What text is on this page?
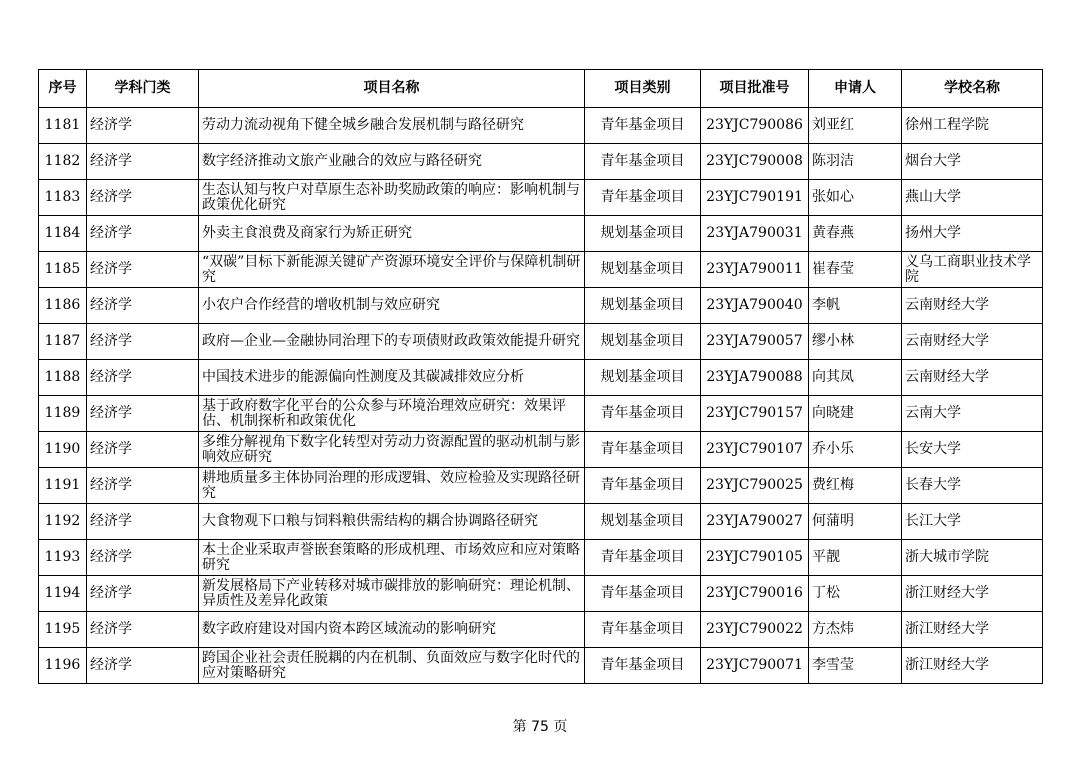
序号	学科门类	项目名称	项目类别	项目批准号	申请人	学校名称
1181	经济学	劳动力流动视角下健全城乡融合发展机制与路径研究	青年基金项目	23YJC790086	刘亚红	徐州工程学院
1182	经济学	数字经济推动文旅产业融合的效应与路径研究	青年基金项目	23YJC790008	陈羽洁	烟台大学
1183	经济学	生态认知与牧户对草原生态补助奖励政策的响应：影响机制与政策优化研究	青年基金项目	23YJC790191	张如心	燕山大学
1184	经济学	外卖主食浪费及商家行为矫正研究	规划基金项目	23YJA790031	黄春燕	扬州大学
1185	经济学	“双碳”目标下新能源关键矿产资源环境安全评价与保障机制研究	规划基金项目	23YJA790011	崔春莹	义乌工商职业技术学院
1186	经济学	小农户合作经营的增收机制与效应研究	规划基金项目	23YJA790040	李帆	云南财经大学
1187	经济学	政府—企业—金融协同治理下的专项债财政政策效能提升研究	规划基金项目	23YJA790057	缪小林	云南财经大学
1188	经济学	中国技术进步的能源偏向性测度及其碳减排效应分析	规划基金项目	23YJA790088	向其凤	云南财经大学
1189	经济学	基于政府数字化平台的公众参与环境治理效应研究：效果评估、机制探析和政策优化	青年基金项目	23YJC790157	向晓建	云南大学
1190	经济学	多维分解视角下数字化转型对劳动力资源配置的驱动机制与影响效应研究	青年基金项目	23YJC790107	乔小乐	长安大学
1191	经济学	耕地质量多主体协同治理的形成逻辑、效应检验及实现路径研究	青年基金项目	23YJC790025	费红梅	长春大学
1192	经济学	大食物观下口粮与饲料粮供需结构的耦合协调路径研究	规划基金项目	23YJA790027	何蒲明	长江大学
1193	经济学	本土企业采取声誉嵌套策略的形成机理、市场效应和应对策略研究	青年基金项目	23YJC790105	平靓	浙大城市学院
1194	经济学	新发展格局下产业转移对城市碳排放的影响研究：理论机制、异质性及差异化政策	青年基金项目	23YJC790016	丁松	浙江财经大学
1195	经济学	数字政府建设对国内资本跨区域流动的影响研究	青年基金项目	23YJC790022	方杰炜	浙江财经大学
1196	经济学	跨国企业社会责任脱耦的内在机制、负面效应与数字化时代的应对策略研究	青年基金项目	23YJC790071	李雪莹	浙江财经大学
第 75 页
